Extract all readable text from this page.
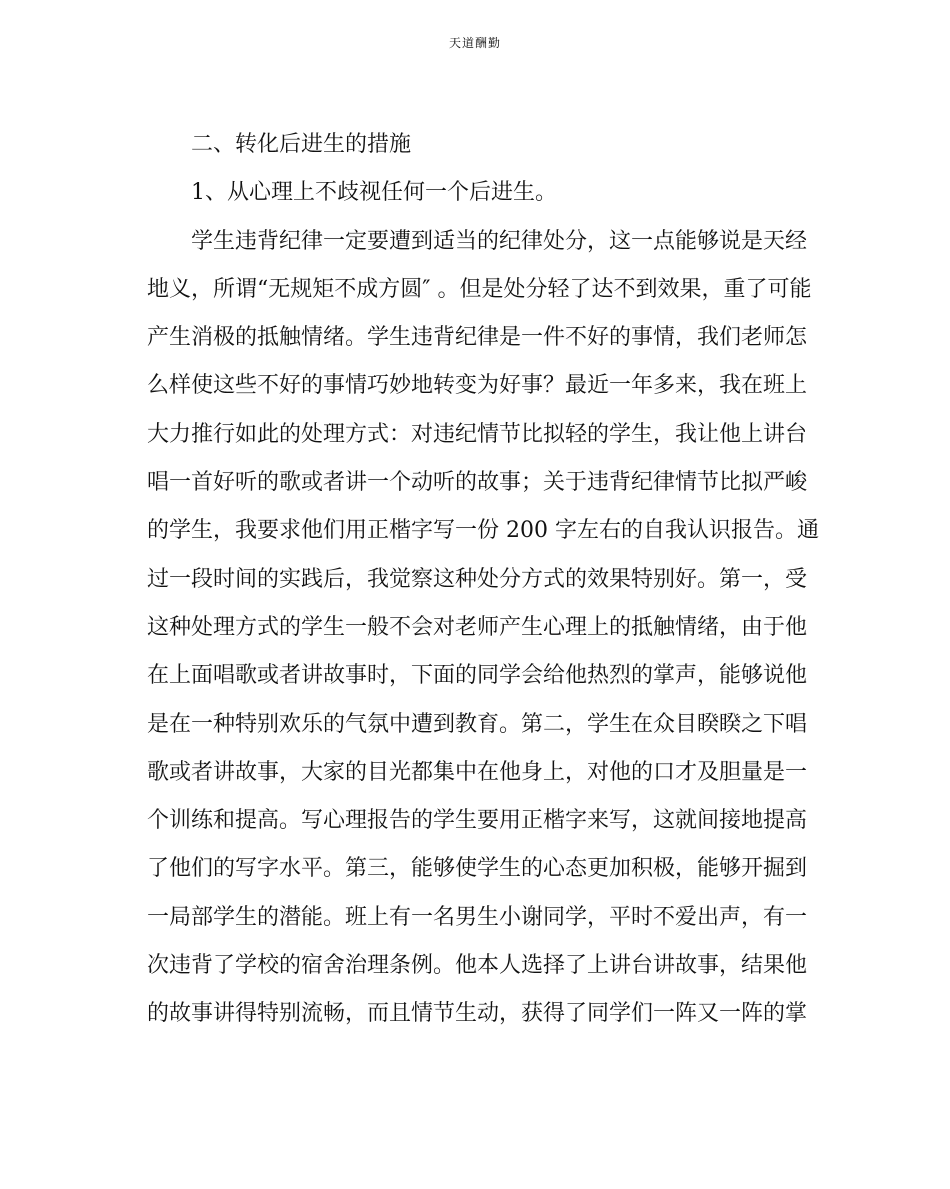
天道酬勤
二、转化后进生的措施
1、从心理上不歧视任何一个后进生。
学生违背纪律一定要遭到适当的纪律处分，这一点能够说是天经
地义，所谓“无规矩不成方圆″ 。但是处分轻了达不到效果，重了可能
产生消极的抵触情绪。学生违背纪律是一件不好的事情，我们老师怎
么样使这些不好的事情巧妙地转变为好事？最近一年多来，我在班上
大力推行如此的处理方式：对违纪情节比拟轻的学生，我让他上讲台
唱一首好听的歌或者讲一个动听的故事；关于违背纪律情节比拟严峻
的学生，我要求他们用正楷字写一份 200 字左右的自我认识报告。通
过一段时间的实践后，我觉察这种处分方式的效果特别好。第一，受
这种处理方式的学生一般不会对老师产生心理上的抵触情绪，由于他
在上面唱歌或者讲故事时，下面的同学会给他热烈的掌声，能够说他
是在一种特别欢乐的气氛中遭到教育。第二，学生在众目睽睽之下唱
歌或者讲故事，大家的目光都集中在他身上，对他的口才及胆量是一
个训练和提高。写心理报告的学生要用正楷字来写，这就间接地提高
了他们的写字水平。第三，能够使学生的心态更加积极，能够开掘到
一局部学生的潜能。班上有一名男生小谢同学，平时不爱出声，有一
次违背了学校的宿舍治理条例。他本人选择了上讲台讲故事，结果他
的故事讲得特别流畅，而且情节生动，获得了同学们一阵又一阵的掌
